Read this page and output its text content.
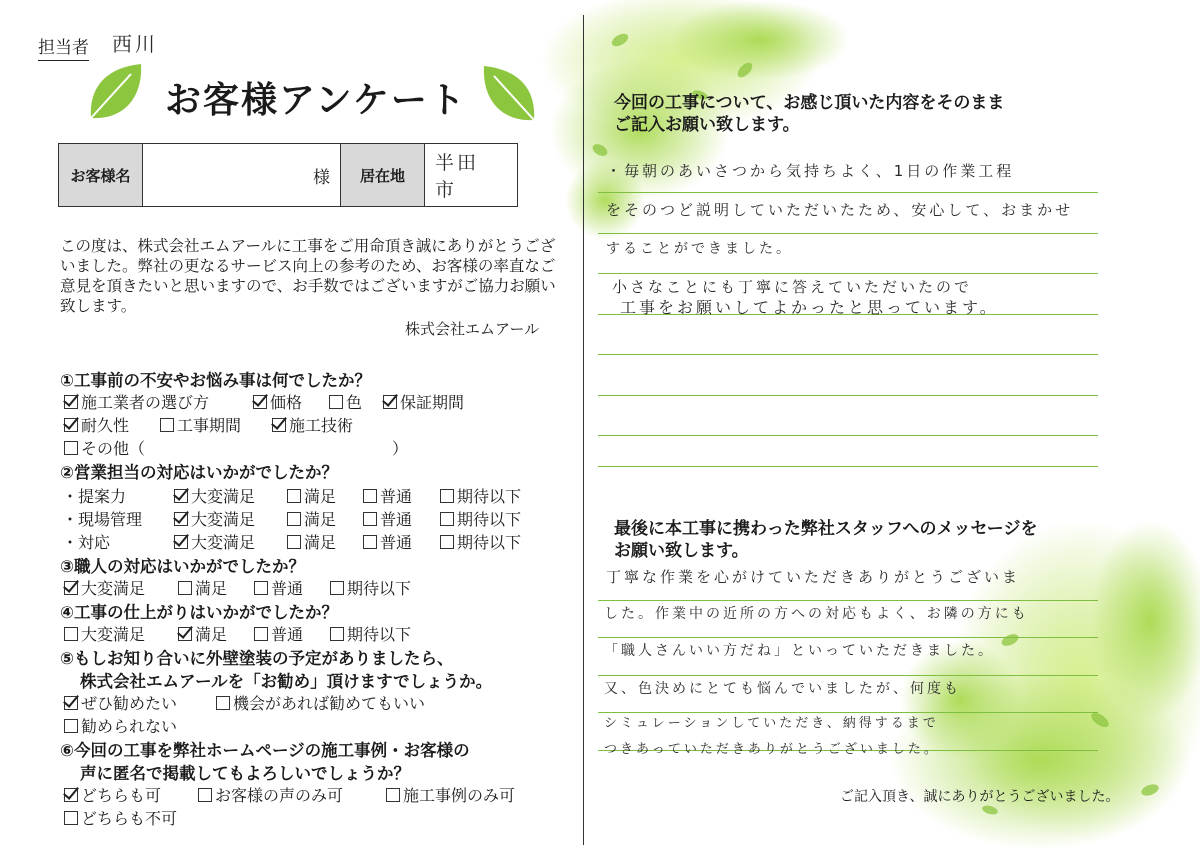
担当者 西川
お客様アンケート
お客様名	様	居在地
半田　市
この度は、株式会社エムアールに工事をご用命頂き誠にありがとうございました。弊社の更なるサービス向上の参考のため、お客様の率直なご意見を頂きたいと思いますので、お手数ではございますがご協力お願い致します。
株式会社エムアール
①工事前の不安やお悩み事は何でしたか？
施工業者の選び方	価格	色	保証期間
耐久性	工事期間	施工技術
その他（	）
②営業担当の対応はいかがでしたか？
・提案力	大変満足	満足	普通	期待以下
・現場管理	大変満足	満足	普通	期待以下
・対応	大変満足	満足	普通	期待以下
③職人の対応はいかがでしたか？
大変満足	満足	普通	期待以下
④工事の仕上がりはいかがでしたか？
大変満足	満足	普通	期待以下
⑤もしお知り合いに外壁塗装の予定がありましたら、
株式会社エムアールを「お勧め」頂けますでしょうか。
ぜひ勧めたい	機会があれば勧めてもいい
勧められない
⑥今回の工事を弊社ホームページの施工事例・お客様の
声に匿名で掲載してもよろしいでしょうか？
どちらも可	お客様の声のみ可	施工事例のみ可
どちらも不可
今回の工事について、お感じ頂いた内容をそのまま
ご記入お願い致します。
・毎朝のあいさつから気持ちよく、1日の作業工程
をそのつど説明していただいたため、安心して、おまかせ
することができました。
小さなことにも丁寧に答えていただいたので
工事をお願いしてよかったと思っています。
最後に本工事に携わった弊社スタッフへのメッセージを
お願い致します。
丁寧な作業を心がけていただきありがとうございま
した。作業中の近所の方への対応もよく、お隣の方にも
「職人さんいい方だね」といっていただきました。
又、色決めにとても悩んでいましたが、何度も
シミュレーションしていただき、納得するまで
つきあっていただきありがとうございました。
ご記入頂き、誠にありがとうございました。
